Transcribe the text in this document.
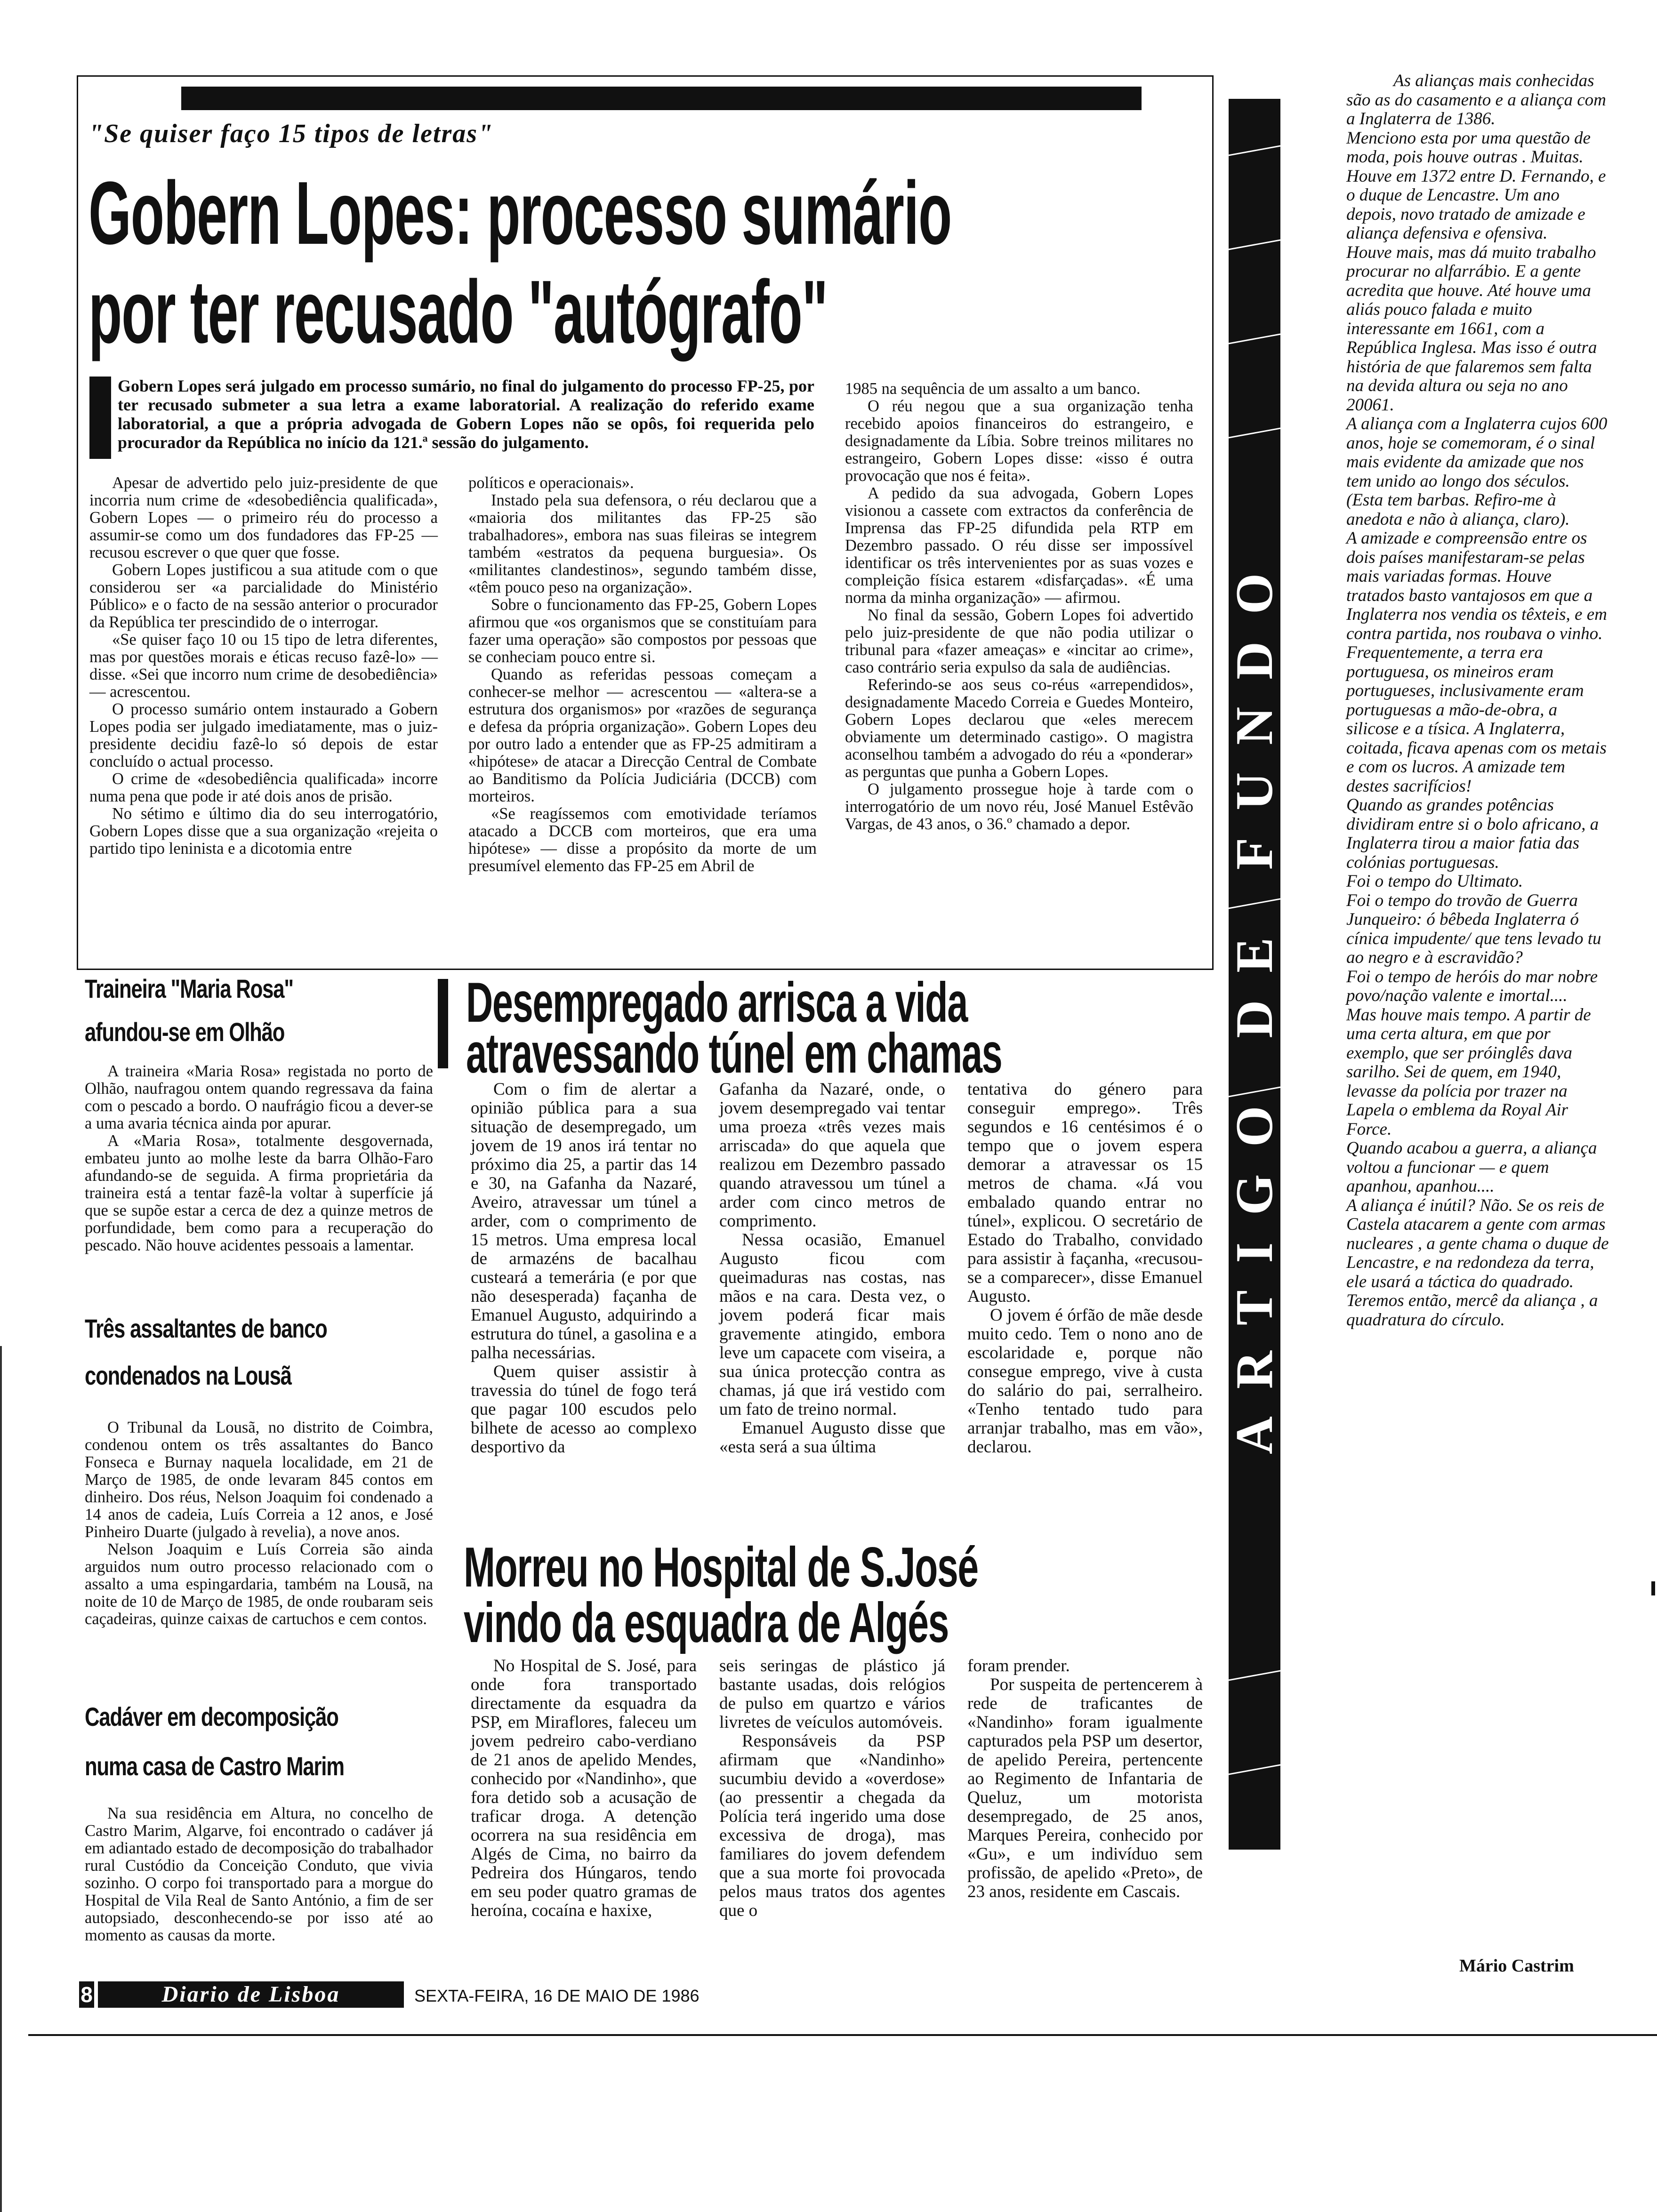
"Se quiser faço 15 tipos de letras"
Gobern Lopes: processo sumário
por ter recusado "autógrafo"
Gobern Lopes será julgado em processo sumário, no final do julgamento do processo FP-25, por ter recusado submeter a sua letra a exame laboratorial. A realização do referido exame laboratorial, a que a própria advogada de Gobern Lopes não se opôs, foi requerida pelo procurador da República no início da 121.ª sessão do julgamento.

Apesar de advertido pelo juiz-presidente de que incorria num crime de «desobediência qualificada», Gobern Lopes — o primeiro réu do processo a assumir-se como um dos fundadores das FP-25 — recusou escrever o que quer que fosse.

Gobern Lopes justificou a sua atitude com o que considerou ser «a parcialidade do Ministério Público» e o facto de na sessão anterior o procurador da República ter prescindido de o interrogar.

«Se quiser faço 10 ou 15 tipo de letra diferentes, mas por questões morais e éticas recuso fazê-lo» — disse. «Sei que incorro num crime de desobediência» — acrescentou.

O processo sumário ontem instaurado a Gobern Lopes podia ser julgado imediatamente, mas o juiz-presidente decidiu fazê-lo só depois de estar concluído o actual processo.

O crime de «desobediência qualificada» incorre numa pena que pode ir até dois anos de prisão.

No sétimo e último dia do seu interrogatório, Gobern Lopes disse que a sua organização «rejeita o partido tipo leninista e a dicotomia entre

políticos e operacionais».

Instado pela sua defensora, o réu declarou que a «maioria dos militantes das FP-25 são trabalhadores», embora nas suas fileiras se integrem também «estratos da pequena burguesia». Os «militantes clandestinos», segundo também disse, «têm pouco peso na organização».

Sobre o funcionamento das FP-25, Gobern Lopes afirmou que «os organismos que se constituíam para fazer uma operação» são compostos por pessoas que se conheciam pouco entre si.

Quando as referidas pessoas começam a conhecer-se melhor — acrescentou — «altera-se a estrutura dos organismos» por «razões de segurança e defesa da própria organização». Gobern Lopes deu por outro lado a entender que as FP-25 admitiram a «hipótese» de atacar a Direcção Central de Combate ao Banditismo da Polícia Judiciária (DCCB) com morteiros.

«Se reagíssemos com emotividade teríamos atacado a DCCB com morteiros, que era uma hipótese» — disse a propósito da morte de um presumível elemento das FP-25 em Abril de

1985 na sequência de um assalto a um banco.

O réu negou que a sua organização tenha recebido apoios financeiros do estrangeiro, e designadamente da Líbia. Sobre treinos militares no estrangeiro, Gobern Lopes disse: «isso é outra provocação que nos é feita».

A pedido da sua advogada, Gobern Lopes visionou a cassete com extractos da conferência de Imprensa das FP-25 difundida pela RTP em Dezembro passado. O réu disse ser impossível identificar os três intervenientes por as suas vozes e compleição física estarem «disfarçadas». «É uma norma da minha organização» — afirmou.

No final da sessão, Gobern Lopes foi advertido pelo juiz-presidente de que não podia utilizar o tribunal para «fazer ameaças» e «incitar ao crime», caso contrário seria expulso da sala de audiências.

Referindo-se aos seus co-réus «arrependidos», designadamente Macedo Correia e Guedes Monteiro, Gobern Lopes declarou que «eles merecem obviamente um determinado castigo». O magistra aconselhou também a advogado do réu a «ponderar» as perguntas que punha a Gobern Lopes.

O julgamento prossegue hoje à tarde com o interrogatório de um novo réu, José Manuel Estêvão Vargas, de 43 anos, o 36.º chamado a depor.

Traineira "Maria Rosa"
afundou-se em Olhão

A traineira «Maria Rosa» registada no porto de Olhão, naufragou ontem quando regressava da faina com o pescado a bordo. O naufrágio ficou a dever-se a uma avaria técnica ainda por apurar.

A «Maria Rosa», totalmente desgovernada, embateu junto ao molhe leste da barra Olhão-Faro afundando-se de seguida. A firma proprietária da traineira está a tentar fazê-la voltar à superfície já que se supõe estar a cerca de dez a quinze metros de porfundidade, bem como para a recuperação do pescado. Não houve acidentes pessoais a lamentar.

Três assaltantes de banco
condenados na Lousã

O Tribunal da Lousã, no distrito de Coimbra, condenou ontem os três assaltantes do Banco Fonseca e Burnay naquela localidade, em 21 de Março de 1985, de onde levaram 845 contos em dinheiro. Dos réus, Nelson Joaquim foi condenado a 14 anos de cadeia, Luís Correia a 12 anos, e José Pinheiro Duarte (julgado à revelia), a nove anos.

Nelson Joaquim e Luís Correia são ainda arguidos num outro processo relacionado com o assalto a uma espingardaria, também na Lousã, na noite de 10 de Março de 1985, de onde roubaram seis caçadeiras, quinze caixas de cartuchos e cem contos.

Cadáver em decomposição
numa casa de Castro Marim

Na sua residência em Altura, no concelho de Castro Marim, Algarve, foi encontrado o cadáver já em adiantado estado de decomposição do trabalhador rural Custódio da Conceição Conduto, que vivia sozinho. O corpo foi transportado para a morgue do Hospital de Vila Real de Santo António, a fim de ser autopsiado, desconhecendo-se por isso até ao momento as causas da morte.

Desempregado arrisca a vida
atravessando túnel em chamas

Com o fim de alertar a opinião pública para a sua situação de desempregado, um jovem de 19 anos irá tentar no próximo dia 25, a partir das 14 e 30, na Gafanha da Nazaré, Aveiro, atravessar um túnel a arder, com o comprimento de 15 metros. Uma empresa local de armazéns de bacalhau custeará a temerária (e por que não desesperada) façanha de Emanuel Augusto, adquirindo a estrutura do túnel, a gasolina e a palha necessárias.

Quem quiser assistir à travessia do túnel de fogo terá que pagar 100 escudos pelo bilhete de acesso ao complexo desportivo da

Gafanha da Nazaré, onde, o jovem desempregado vai tentar uma proeza «três vezes mais arriscada» do que aquela que realizou em Dezembro passado quando atravessou um túnel a arder com cinco metros de comprimento.

Nessa ocasião, Emanuel Augusto ficou com queimaduras nas costas, nas mãos e na cara. Desta vez, o jovem poderá ficar mais gravemente atingido, embora leve um capacete com viseira, a sua única protecção contra as chamas, já que irá vestido com um fato de treino normal.

Emanuel Augusto disse que «esta será a sua última

tentativa do género para conseguir emprego». Três segundos e 16 centésimos é o tempo que o jovem espera demorar a atravessar os 15 metros de chama. «Já vou embalado quando entrar no túnel», explicou. O secretário de Estado do Trabalho, convidado para assistir à façanha, «recusou-se a comparecer», disse Emanuel Augusto.

O jovem é órfão de mãe desde muito cedo. Tem o nono ano de escolaridade e, porque não consegue emprego, vive à custa do salário do pai, serralheiro. «Tenho tentado tudo para arranjar trabalho, mas em vão», declarou.

Morreu no Hospital de S.José
vindo da esquadra de Algés

No Hospital de S. José, para onde fora transportado directamente da esquadra da PSP, em Miraflores, faleceu um jovem pedreiro cabo-verdiano de 21 anos de apelido Mendes, conhecido por «Nandinho», que fora detido sob a acusação de traficar droga. A detenção ocorrera na sua residência em Algés de Cima, no bairro da Pedreira dos Húngaros, tendo em seu poder quatro gramas de heroína, cocaína e haxixe,

seis seringas de plástico já bastante usadas, dois relógios de pulso em quartzo e vários livretes de veículos automóveis.

Responsáveis da PSP afirmam que «Nandinho» sucumbiu devido a «overdose» (ao pressentir a chegada da Polícia terá ingerido uma dose excessiva de droga), mas familiares do jovem defendem que a sua morte foi provocada pelos maus tratos dos agentes que o

foram prender.

Por suspeita de pertencerem à rede de traficantes de «Nandinho» foram igualmente capturados pela PSP um desertor, de apelido Pereira, pertencente ao Regimento de Infantaria de Queluz, um motorista desempregado, de 25 anos, Marques Pereira, conhecido por «Gu», e um indivíduo sem profissão, de apelido «Preto», de 23 anos, residente em Cascais.

ARTIGO DE FUNDO

As alianças mais conhecidas são as do casamento e a aliança com a Inglaterra de 1386.

Menciono esta por uma questão de moda, pois houve outras . Muitas.

Houve em 1372 entre D. Fernando, e o duque de Lencastre. Um ano depois, novo tratado de amizade e aliança defensiva e ofensiva.

Houve mais, mas dá muito trabalho procurar no alfarrábio. E a gente acredita que houve. Até houve uma aliás pouco falada e muito interessante em 1661, com a República Inglesa. Mas isso é outra história de que falaremos sem falta na devida altura ou seja no ano 20061.

A aliança com a Inglaterra cujos 600 anos, hoje se comemoram, é o sinal mais evidente da amizade que nos tem unido ao longo dos séculos.

(Esta tem barbas. Refiro-me à anedota e não à aliança, claro).

A amizade e compreensão entre os dois países manifestaram-se pelas mais variadas formas. Houve tratados basto vantajosos em que a Inglaterra nos vendia os têxteis, e em contra partida, nos roubava o vinho.

Frequentemente, a terra era portuguesa, os mineiros eram portugueses, inclusivamente eram portuguesas a mão-de-obra, a silicose e a tísica. A Inglaterra, coitada, ficava apenas com os metais e com os lucros. A amizade tem destes sacrifícios!

Quando as grandes potências dividiram entre si o bolo africano, a Inglaterra tirou a maior fatia das colónias portuguesas.

Foi o tempo do Ultimato.

Foi o tempo do trovão de Guerra Junqueiro: ó bêbeda Inglaterra ó cínica impudente/ que tens levado tu ao negro e à escravidão?

Foi o tempo de heróis do mar nobre povo/nação valente e imortal....

Mas houve mais tempo. A partir de uma certa altura, em que por exemplo, que ser próinglês dava sarilho. Sei de quem, em 1940, levasse da polícia por trazer na Lapela o emblema da Royal Air Force.

Quando acabou a guerra, a aliança voltou a funcionar — e quem apanhou, apanhou....

A aliança é inútil? Não. Se os reis de Castela atacarem a gente com armas nucleares , a gente chama o duque de Lencastre, e na redondeza da terra, ele usará a táctica do quadrado.

Teremos então, mercê da aliança , a quadratura do círculo.

Mário Castrim
8	Diario de Lisboa	SEXTA-FEIRA, 16 DE MAIO DE 1986
